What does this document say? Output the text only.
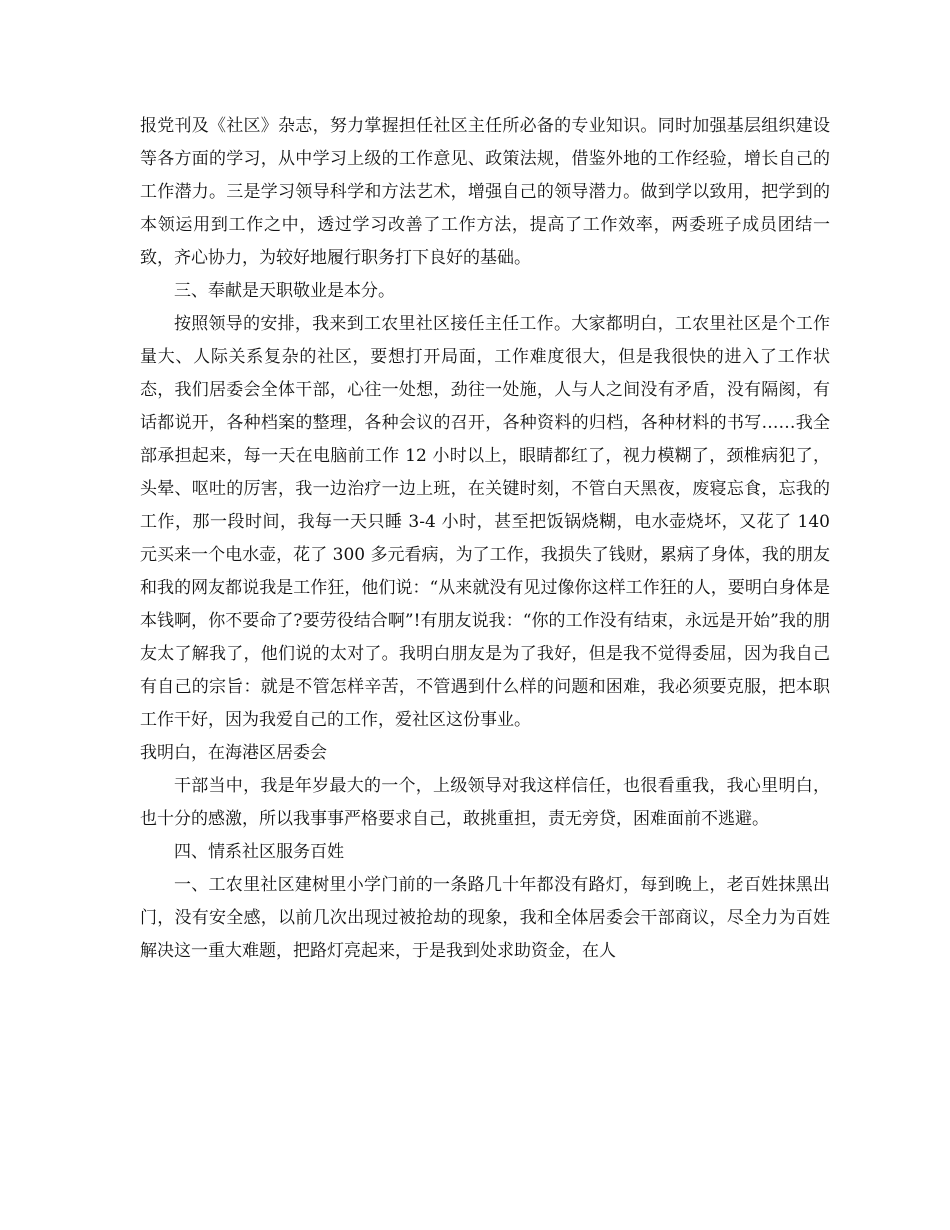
报党刊及《社区》杂志，努力掌握担任社区主任所必备的专业知识。同时加强基层组织建设等各方面的学习，从中学习上级的工作意见、政策法规，借鉴外地的工作经验，增长自己的工作潜力。三是学习领导科学和方法艺术，增强自己的领导潜力。做到学以致用，把学到的本领运用到工作之中，透过学习改善了工作方法，提高了工作效率，两委班子成员团结一致，齐心协力，为较好地履行职务打下良好的基础。

三、奉献是天职敬业是本分。

按照领导的安排，我来到工农里社区接任主任工作。大家都明白，工农里社区是个工作量大、人际关系复杂的社区，要想打开局面，工作难度很大，但是我很快的进入了工作状态，我们居委会全体干部，心往一处想，劲往一处施，人与人之间没有矛盾，没有隔阂，有话都说开，各种档案的整理，各种会议的召开，各种资料的归档，各种材料的书写……我全部承担起来，每一天在电脑前工作 12 小时以上，眼睛都红了，视力模糊了，颈椎病犯了，头晕、呕吐的厉害，我一边治疗一边上班，在关键时刻，不管白天黑夜，废寝忘食，忘我的工作，那一段时间，我每一天只睡 3-4 小时，甚至把饭锅烧糊，电水壶烧坏，又花了 140 元买来一个电水壶，花了 300 多元看病，为了工作，我损失了钱财，累病了身体，我的朋友和我的网友都说我是工作狂，他们说：“从来就没有见过像你这样工作狂的人，要明白身体是本钱啊，你不要命了?要劳役结合啊”!有朋友说我：“你的工作没有结束，永远是开始”我的朋友太了解我了，他们说的太对了。我明白朋友是为了我好，但是我不觉得委屈，因为我自己有自己的宗旨：就是不管怎样辛苦，不管遇到什么样的问题和困难，我必须要克服，把本职工作干好，因为我爱自己的工作，爱社区这份事业。

我明白，在海港区居委会

干部当中，我是年岁最大的一个，上级领导对我这样信任，也很看重我，我心里明白，也十分的感激，所以我事事严格要求自己，敢挑重担，责无旁贷，困难面前不逃避。

四、情系社区服务百姓

一、工农里社区建树里小学门前的一条路几十年都没有路灯，每到晚上，老百姓抹黑出门，没有安全感，以前几次出现过被抢劫的现象，我和全体居委会干部商议，尽全力为百姓解决这一重大难题，把路灯亮起来，于是我到处求助资金，在人
